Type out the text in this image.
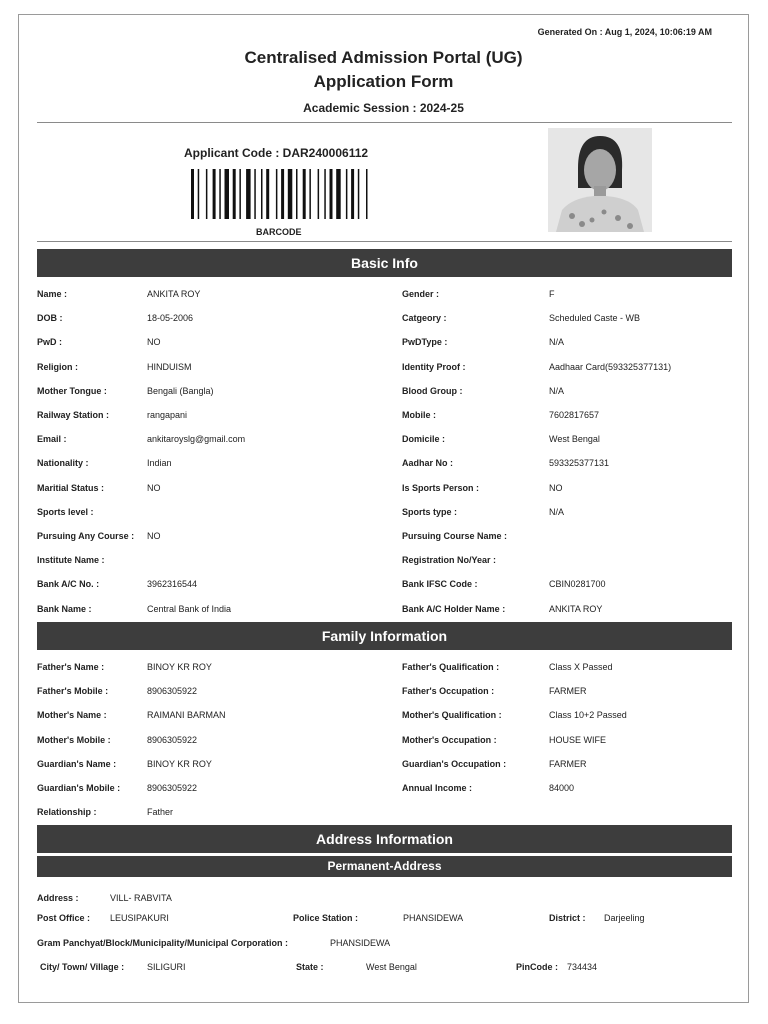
Generated On : Aug 1, 2024, 10:06:19 AM
Centralised Admission Portal (UG)
Application Form
Academic Session : 2024-25
Applicant Code : DAR240006112
BARCODE
Basic Info
Name :	ANKITA ROY	Gender :	F
DOB :	18-05-2006	Catgeory :	Scheduled Caste - WB
PwD :	NO	PwDType :	N/A
Religion :	HINDUISM	Identity Proof :	Aadhaar Card(593325377131)
Mother Tongue :	Bengali (Bangla)	Blood Group :	N/A
Railway Station :	rangapani	Mobile :	7602817657
Email :	ankitaroyslg@gmail.com	Domicile :	West Bengal
Nationality :	Indian	Aadhar No :	593325377131
Maritial Status :	NO	Is Sports Person :	NO
Sports level :	Sports type :	N/A
Pursuing Any Course : NO	Pursuing Course Name :
Institute Name :	Registration No/Year :
Bank A/C No. :	3962316544	Bank IFSC Code :	CBIN0281700
Bank Name :	Central Bank of India	Bank A/C Holder Name :	ANKITA ROY
Family Information
Father's Name :	BINOY KR ROY	Father's Qualification :	Class X Passed
Father's Mobile :	8906305922	Father's Occupation :	FARMER
Mother's Name :	RAIMANI BARMAN	Mother's Qualification :	Class 10+2 Passed
Mother's Mobile :	8906305922	Mother's Occupation :	HOUSE WIFE
Guardian's Name :	BINOY KR ROY	Guardian's Occupation :	FARMER
Guardian's Mobile :	8906305922	Annual Income :	84000
Relationship :	Father
Address Information
Permanent-Address
Address :	VILL- RABVITA
Post Office : LEUSIPAKURI	Police Station :	PHANSIDEWA	District : Darjeeling
Gram Panchyat/Block/Municipality/Municipal Corporation :	PHANSIDEWA
City/ Town/ Village :	SILIGURI	State :	West Bengal	PinCode : 734434
